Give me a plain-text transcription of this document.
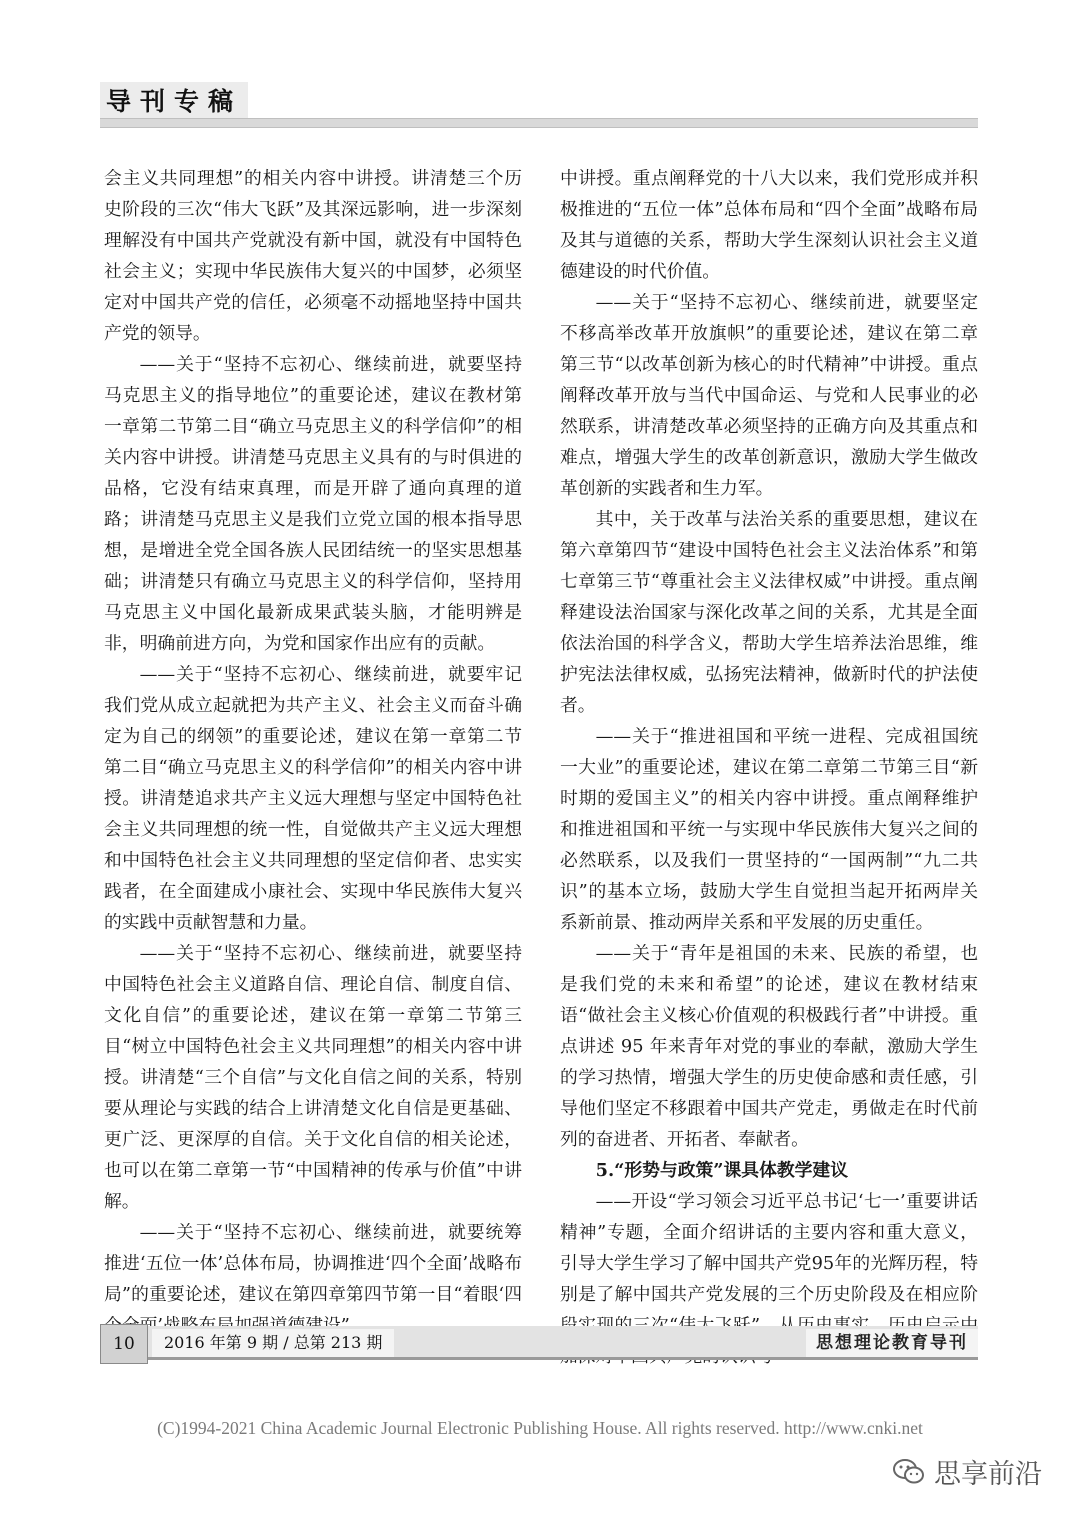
导刊专稿

会主义共同理想”的相关内容中讲授。讲清楚三个历史阶段的三次“伟大飞跃”及其深远影响，进一步深刻理解没有中国共产党就没有新中国，就没有中国特色社会主义；实现中华民族伟大复兴的中国梦，必须坚定对中国共产党的信任，必须毫不动摇地坚持中国共产党的领导。

——关于“坚持不忘初心、继续前进，就要坚持马克思主义的指导地位”的重要论述，建议在教材第一章第二节第二目“确立马克思主义的科学信仰”的相关内容中讲授。讲清楚马克思主义具有的与时俱进的品格，它没有结束真理，而是开辟了通向真理的道路；讲清楚马克思主义是我们立党立国的根本指导思想，是增进全党全国各族人民团结统一的坚实思想基础；讲清楚只有确立马克思主义的科学信仰，坚持用马克思主义中国化最新成果武装头脑，才能明辨是非，明确前进方向，为党和国家作出应有的贡献。

——关于“坚持不忘初心、继续前进，就要牢记我们党从成立起就把为共产主义、社会主义而奋斗确定为自己的纲领”的重要论述，建议在第一章第二节第二目“确立马克思主义的科学信仰”的相关内容中讲授。讲清楚追求共产主义远大理想与坚定中国特色社会主义共同理想的统一性，自觉做共产主义远大理想和中国特色社会主义共同理想的坚定信仰者、忠实实践者，在全面建成小康社会、实现中华民族伟大复兴的实践中贡献智慧和力量。

——关于“坚持不忘初心、继续前进，就要坚持中国特色社会主义道路自信、理论自信、制度自信、文化自信”的重要论述，建议在第一章第二节第三目“树立中国特色社会主义共同理想”的相关内容中讲授。讲清楚“三个自信”与文化自信之间的关系，特别要从理论与实践的结合上讲清楚文化自信是更基础、更广泛、更深厚的自信。关于文化自信的相关论述，也可以在第二章第一节“中国精神的传承与价值”中讲解。

——关于“坚持不忘初心、继续前进，就要统筹推进‘五位一体’总体布局，协调推进‘四个全面’战略布局”的重要论述，建议在第四章第四节第一目“着眼‘四

中讲授。重点阐释党的十八大以来，我们党形成并积极推进的“五位一体”总体布局和“四个全面”战略布局及其与道德的关系，帮助大学生深刻认识社会主义道德建设的时代价值。

——关于“坚持不忘初心、继续前进，就要坚定不移高举改革开放旗帜”的重要论述，建议在第二章第三节“以改革创新为核心的时代精神”中讲授。重点阐释改革开放与当代中国命运、与党和人民事业的必然联系，讲清楚改革必须坚持的正确方向及其重点和难点，增强大学生的改革创新意识，激励大学生做改革创新的实践者和生力军。

其中，关于改革与法治关系的重要思想，建议在第六章第四节“建设中国特色社会主义法治体系”和第七章第三节“尊重社会主义法律权威”中讲授。重点阐释建设法治国家与深化改革之间的关系，尤其是全面依法治国的科学含义，帮助大学生培养法治思维，维护宪法法律权威，弘扬宪法精神，做新时代的护法使者。

——关于“推进祖国和平统一进程、完成祖国统一大业”的重要论述，建议在第二章第二节第三目“新时期的爱国主义”的相关内容中讲授。重点阐释维护和推进祖国和平统一与实现中华民族伟大复兴之间的必然联系，以及我们一贯坚持的“一国两制”“九二共识”的基本立场，鼓励大学生自觉担当起开拓两岸关系新前景、推动两岸关系和平发展的历史重任。

——关于“青年是祖国的未来、民族的希望，也是我们党的未来和希望”的论述，建议在教材结束语“做社会主义核心价值观的积极践行者”中讲授。重点讲述 95 年来青年对党的事业的奉献，激励大学生的学习热情，增强大学生的历史使命感和责任感，引导他们坚定不移跟着中国共产党走，勇做走在时代前列的奋进者、开拓者、奉献者。

5.“形势与政策”课具体教学建议

——开设“学习领会习近平总书记‘七一’重要讲话精神”专题，全面介绍讲话的主要内容和重大意义，引导大学生学习了解中国共产党95年的光辉历程，特别是了解中国共产党发展的三个历史阶段及在相应阶

10	2016 年第 9 期 / 总第 213 期	思想理论教育导刊
(C)1994-2021 China Academic Journal Electronic Publishing House. All rights reserved. http://www.cnki.net
思享前沿
